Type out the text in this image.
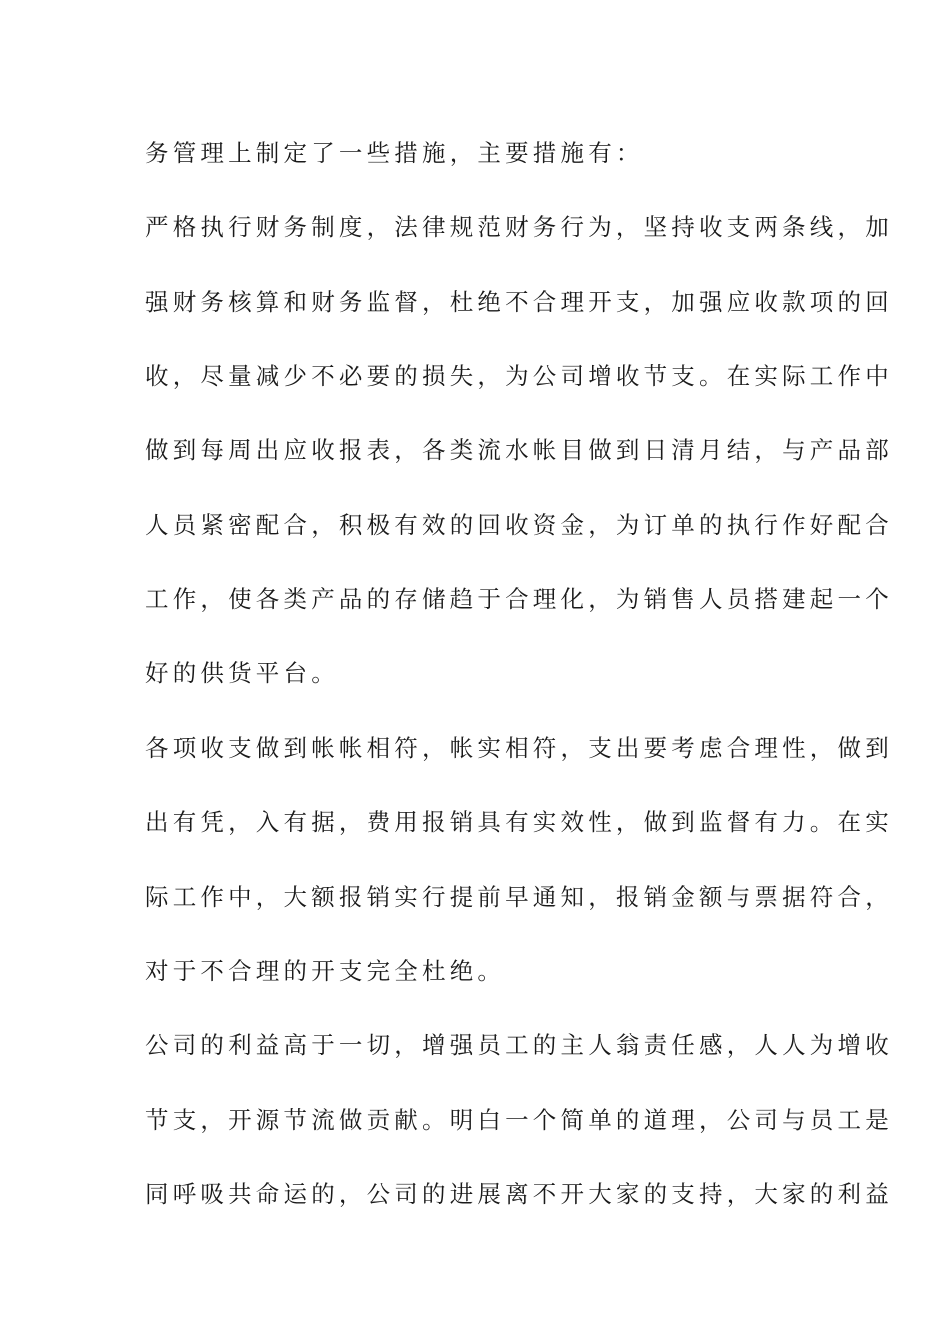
务管理上制定了一些措施，主要措施有：
严格执行财务制度，法律规范财务行为，坚持收支两条线，加
强财务核算和财务监督，杜绝不合理开支，加强应收款项的回
收，尽量减少不必要的损失，为公司增收节支。在实际工作中
做到每周出应收报表，各类流水帐目做到日清月结，与产品部
人员紧密配合，积极有效的回收资金，为订单的执行作好配合
工作，使各类产品的存储趋于合理化，为销售人员搭建起一个
好的供货平台。
各项收支做到帐帐相符，帐实相符，支出要考虑合理性，做到
出有凭，入有据，费用报销具有实效性，做到监督有力。在实
际工作中，大额报销实行提前早通知，报销金额与票据符合，
对于不合理的开支完全杜绝。
公司的利益高于一切，增强员工的主人翁责任感，人人为增收
节支，开源节流做贡献。明白一个简单的道理，公司与员工是
同呼吸共命运的，公司的进展离不开大家的支持，大家的利益
